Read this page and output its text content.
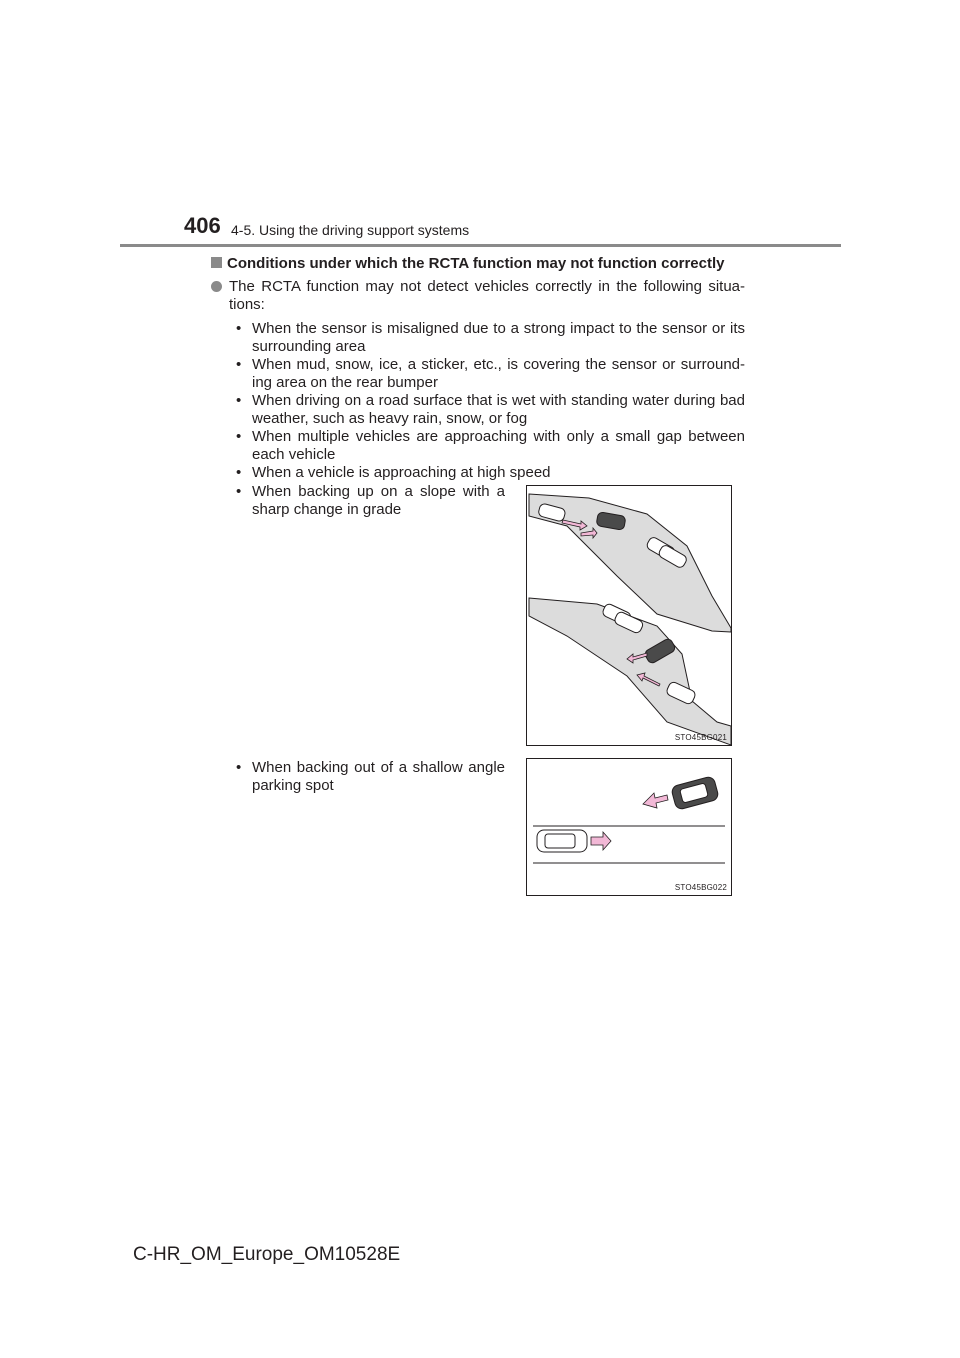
406 4-5. Using the driving support systems
Conditions under which the RCTA function may not function correctly
The RCTA function may not detect vehicles correctly in the following situa-tions:
• When the sensor is misaligned due to a strong impact to the sensor or its surrounding area
• When mud, snow, ice, a sticker, etc., is covering the sensor or surround-ing area on the rear bumper
• When driving on a road surface that is wet with standing water during bad weather, such as heavy rain, snow, or fog
• When multiple vehicles are approaching with only a small gap between each vehicle
• When a vehicle is approaching at high speed
• When backing up on a slope with a sharp change in grade
STO45BG021
• When backing out of a shallow angle parking spot
STO45BG022
C-HR_OM_Europe_OM10528E
